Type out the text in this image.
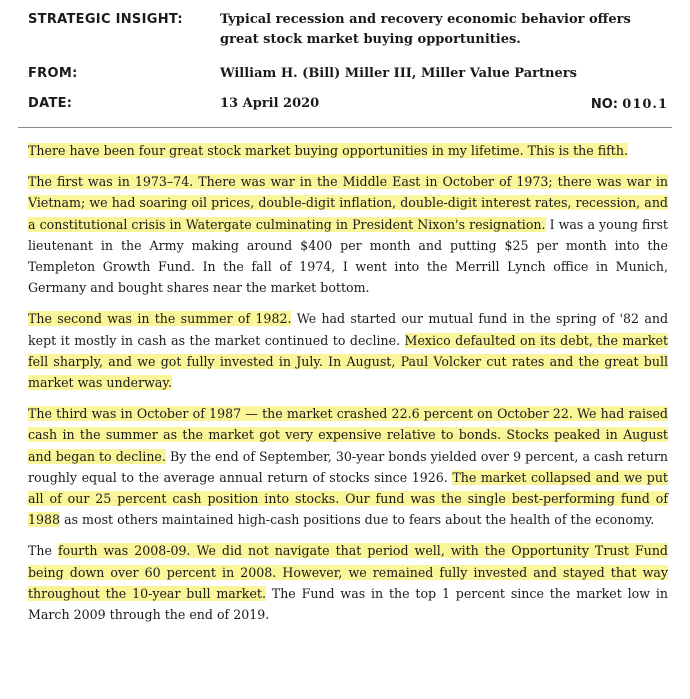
STRATEGIC INSIGHT:	Typical recession and recovery economic behavior offers
great stock market buying opportunities.
FROM:	William H. (Bill) Miller III, Miller Value Partners
DATE:	13 April 2020	NO: 010.1

There have been four great stock market buying opportunities in my lifetime. This is the fifth.

The first was in 1973–74. There was war in the Middle East in October of 1973; there was war in Vietnam; we had soaring oil prices, double-digit inflation, double-digit interest rates, recession, and a constitutional crisis in Watergate culminating in President Nixon's resignation. I was a young first lieutenant in the Army making around $400 per month and putting $25 per month into the Templeton Growth Fund. In the fall of 1974, I went into the Merrill Lynch office in Munich, Germany and bought shares near the market bottom.

The second was in the summer of 1982. We had started our mutual fund in the spring of '82 and kept it mostly in cash as the market continued to decline. Mexico defaulted on its debt, the market fell sharply, and we got fully invested in July. In August, Paul Volcker cut rates and the great bull market was underway.

The third was in October of 1987 — the market crashed 22.6 percent on October 22. We had raised cash in the summer as the market got very expensive relative to bonds. Stocks peaked in August and began to decline. By the end of September, 30-year bonds yielded over 9 percent, a cash return roughly equal to the average annual return of stocks since 1926. The market collapsed and we put all of our 25 percent cash position into stocks. Our fund was the single best-performing fund of 1988 as most others maintained high-cash positions due to fears about the health of the economy.

The fourth was 2008-09. We did not navigate that period well, with the Opportunity Trust Fund being down over 60 percent in 2008. However, we remained fully invested and stayed that way throughout the 10-year bull market. The Fund was in the top 1 percent since the market low in March 2009 through the end of 2019.
